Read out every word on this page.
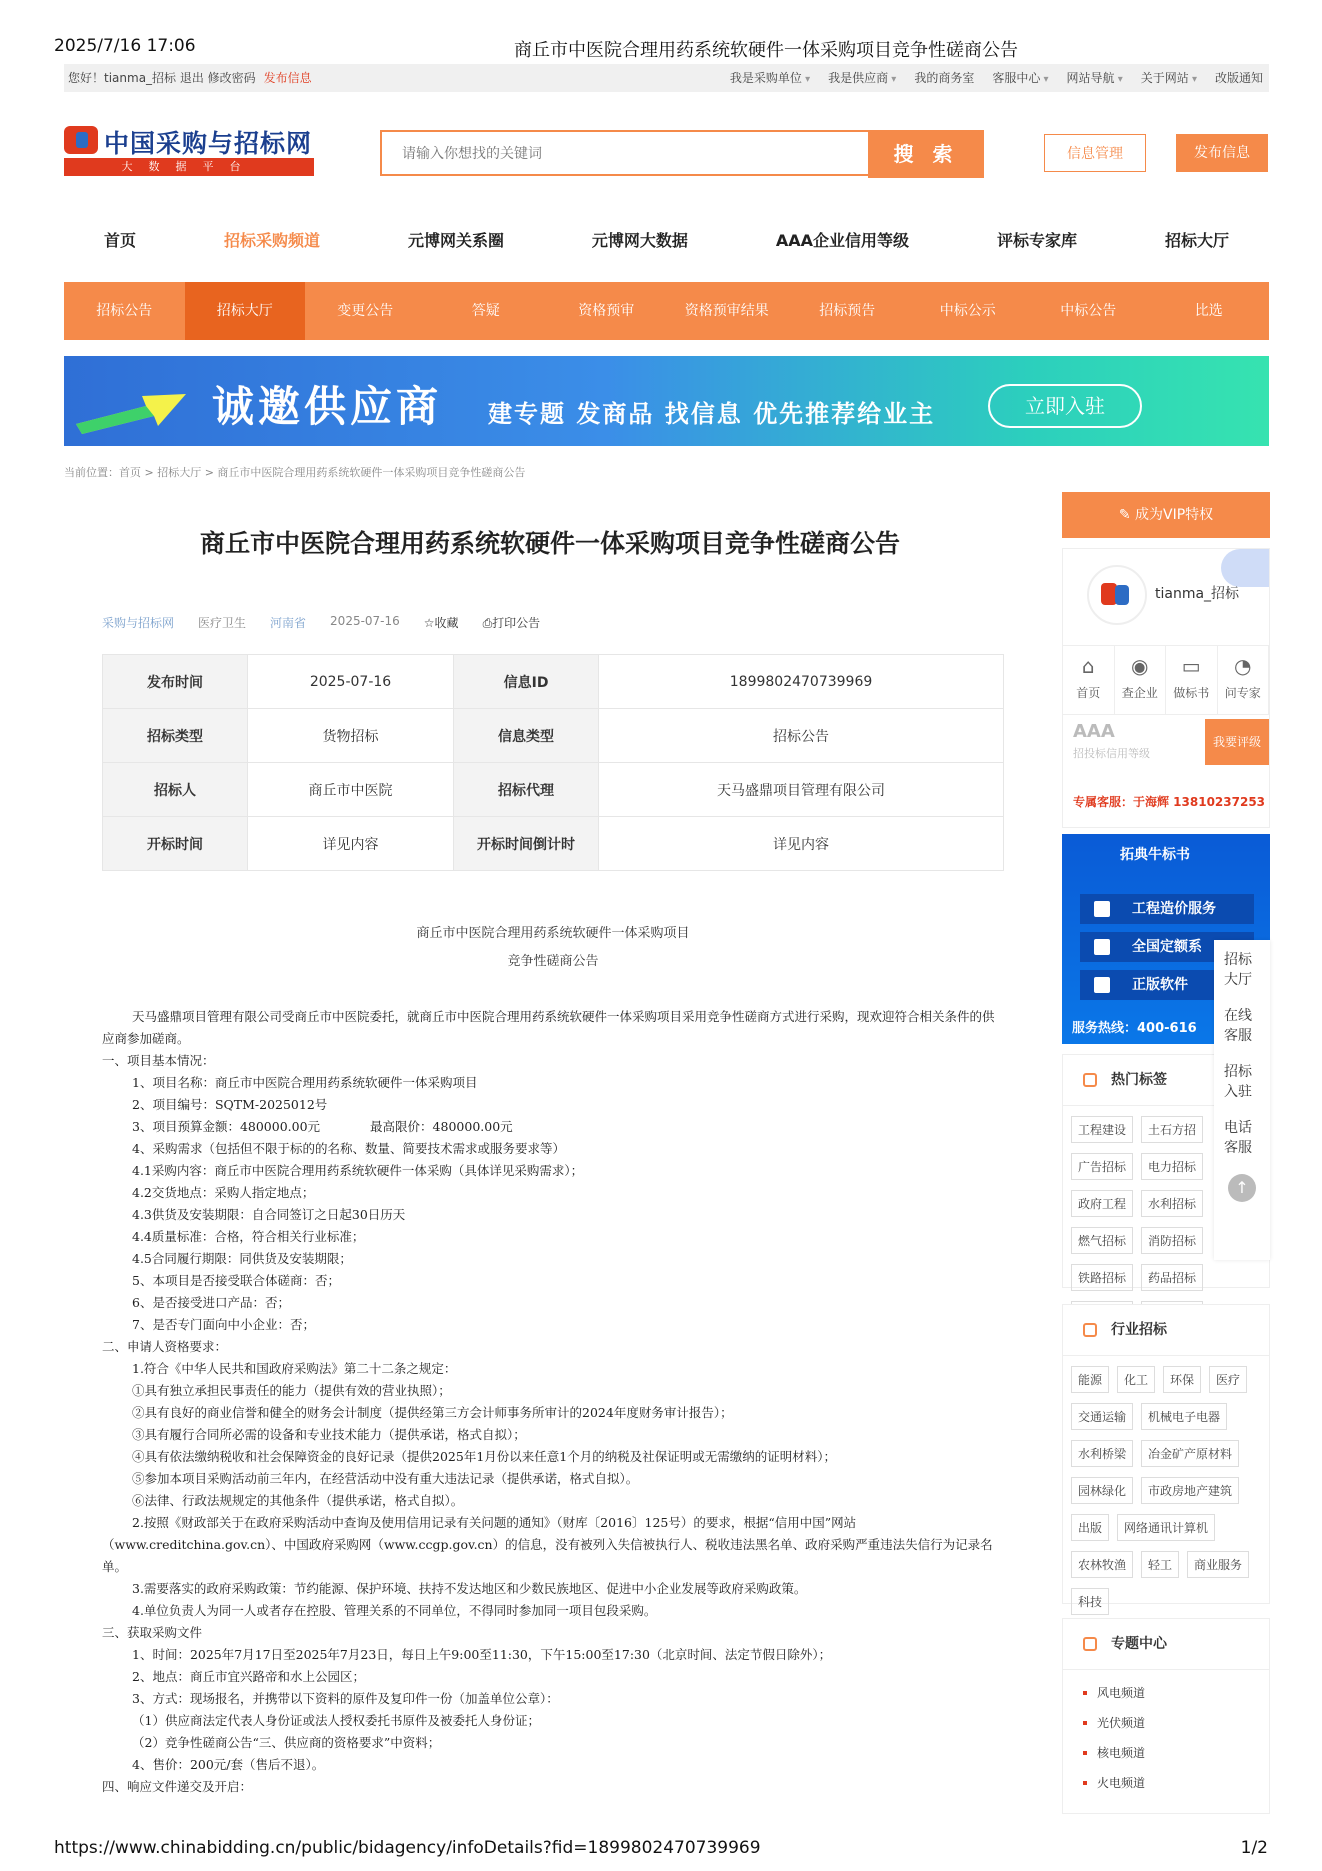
2025/7/16 17:06	商丘市中医院合理用药系统软硬件一体采购项目竞争性磋商公告
您好！tianma_招标 退出 修改密码 发布信息	我是采购单位 ▾	我是供应商 ▾	我的商务室 客服中心 ▾	网站导航 ▾	关于网站 ▾	改版通知
中国采购与招标网
大数据平台
请输入你想找的关键词
搜 索	信息管理	发布信息
首页	招标采购频道	元博网关系圈	元博网大数据	AAA企业信用等级	评标专家库	招标大厅
招标公告	招标大厅	变更公告	答疑	资格预审	资格预审结果	招标预告	中标公示	中标公告	比选
诚邀供应商 建专题 发商品 找信息 优先推荐给业主	立即入驻
当前位置：首页 > 招标大厅 > 商丘市中医院合理用药系统软硬件一体采购项目竞争性磋商公告
商丘市中医院合理用药系统软硬件一体采购项目竞争性磋商公告
采购与招标网 医疗卫生 河南省 2025-07-16 ☆收藏 ⎙打印公告
发布时间	2025-07-16	信息ID	1899802470739969
招标类型	货物招标	信息类型	招标公告
招标人	商丘市中医院	招标代理	天马盛鼎项目管理有限公司
开标时间	详见内容	开标时间倒计时	详见内容
商丘市中医院合理用药系统软硬件一体采购项目
竞争性磋商公告

天马盛鼎项目管理有限公司受商丘市中医院委托，就商丘市中医院合理用药系统软硬件一体采购项目采用竞争性磋商方式进行采购，现欢迎符合相关条件的供应商参加磋商。

一、项目基本情况：

1、项目名称：商丘市中医院合理用药系统软硬件一体采购项目

2、项目编号：SQTM-2025012号

3、项目预算金额：480000.00元　　　　最高限价：480000.00元

4、采购需求（包括但不限于标的的名称、数量、简要技术需求或服务要求等）

4.1采购内容：商丘市中医院合理用药系统软硬件一体采购（具体详见采购需求）；

4.2交货地点：采购人指定地点；

4.3供货及安装期限：自合同签订之日起30日历天

4.4质量标准：合格，符合相关行业标准；

4.5合同履行期限：同供货及安装期限；

5、本项目是否接受联合体磋商：否；

6、是否接受进口产品：否；

7、是否专门面向中小企业：否；

二、申请人资格要求：

1.符合《中华人民共和国政府采购法》第二十二条之规定：

①具有独立承担民事责任的能力（提供有效的营业执照）；

②具有良好的商业信誉和健全的财务会计制度（提供经第三方会计师事务所审计的2024年度财务审计报告）；

③具有履行合同所必需的设备和专业技术能力（提供承诺，格式自拟）；

④具有依法缴纳税收和社会保障资金的良好记录（提供2025年1月份以来任意1个月的纳税及社保证明或无需缴纳的证明材料）；

⑤参加本项目采购活动前三年内，在经营活动中没有重大违法记录（提供承诺，格式自拟）。

⑥法律、行政法规规定的其他条件（提供承诺，格式自拟）。

2.按照《财政部关于在政府采购活动中查询及使用信用记录有关问题的通知》（财库〔2016〕125号）的要求，根据“信用中国”网站

（www.creditchina.gov.cn）、中国政府采购网（www.ccgp.gov.cn）的信息，没有被列入失信被执行人、税收违法黑名单、政府采购严重违法失信行为记录名单。

3.需要落实的政府采购政策：节约能源、保护环境、扶持不发达地区和少数民族地区、促进中小企业发展等政府采购政策。

4.单位负责人为同一人或者存在控股、管理关系的不同单位，不得同时参加同一项目包段采购。

三、获取采购文件

1、时间：2025年7月17日至2025年7月23日，每日上午9:00至11:30，下午15:00至17:30（北京时间、法定节假日除外）；

2、地点：商丘市宜兴路帝和水上公园区；

3、方式：现场报名，并携带以下资料的原件及复印件一份（加盖单位公章）：

（1）供应商法定代表人身份证或法人授权委托书原件及被委托人身份证；

（2）竞争性磋商公告“三、供应商的资格要求”中资料；

4、售价：200元/套（售后不退）。

四、响应文件递交及开启：

✎ 成为VIP特权
tianma_招标
⌂
首页
◉
查企业
▭
做标书
◔
问专家
AAA
招投标信用等级
我要评级
专属客服：于海辉 13810237253
拓典牛标书
工程造价服务
全国定额系
正版软件
服务热线：400-616
热门标签
工程建设	土石方招
广告招标	电力招标
政府工程	水利招标
燃气招标	消防招标
铁路招标	药品招标
行业招标
能源	化工	环保	医疗
交通运输	机械电子电器
水利桥梁	冶金矿产原材料
园林绿化	市政房地产建筑
出版	网络通讯计算机
农林牧渔	轻工	商业服务
科技
专题中心
风电频道
光伏频道
核电频道
火电频道
招标大厅
在线客服
招标入驻
电话客服
↑
https://www.chinabidding.cn/public/bidagency/infoDetails?fid=1899802470739969	1/2
